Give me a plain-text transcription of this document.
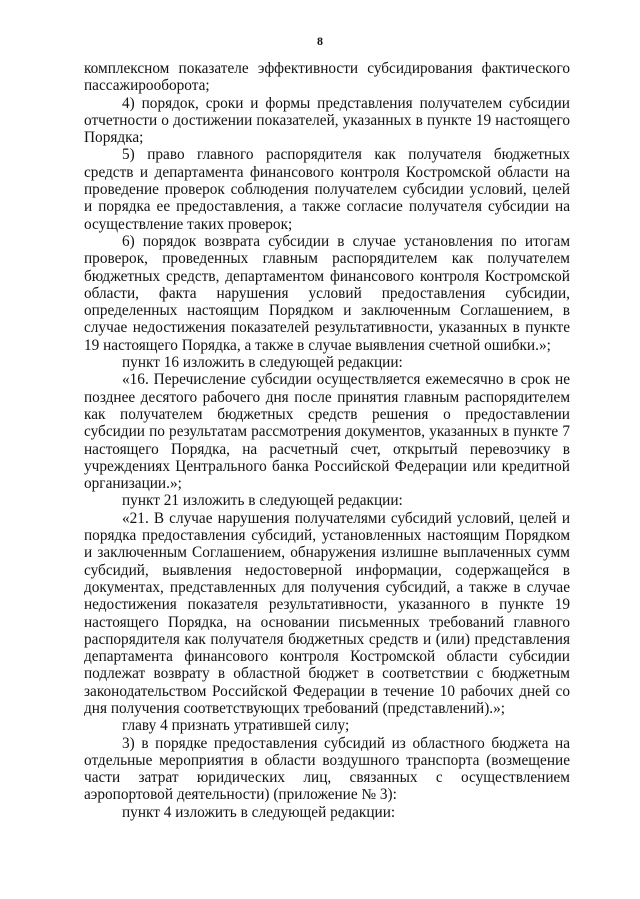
8

комплексном показателе эффективности субсидирования фактического пассажирооборота;

4) порядок, сроки и формы представления получателем субсидии отчетности о достижении показателей, указанных в пункте 19 настоящего Порядка;

5) право главного распорядителя как получателя бюджетных средств и департамента финансового контроля Костромской области на проведение проверок соблюдения получателем субсидии условий, целей и порядка ее предоставления, а также согласие получателя субсидии на осуществление таких проверок;

6) порядок возврата субсидии в случае установления по итогам проверок, проведенных главным распорядителем как получателем бюджетных средств, департаментом финансового контроля Костромской области, факта нарушения условий предоставления субсидии, определенных настоящим Порядком и заключенным Соглашением, в случае недостижения показателей результативности, указанных в пункте 19 настоящего Порядка, а также в случае выявления счетной ошибки.»;

пункт 16 изложить в следующей редакции:

«16. Перечисление субсидии осуществляется ежемесячно в срок не позднее десятого рабочего дня после принятия главным распорядителем как получателем бюджетных средств решения о предоставлении субсидии по результатам рассмотрения документов, указанных в пункте 7 настоящего Порядка, на расчетный счет, открытый перевозчику в учреждениях Центрального банка Российской Федерации или кредитной организации.»;

пункт 21 изложить в следующей редакции:

«21. В случае нарушения получателями субсидий условий, целей и порядка предоставления субсидий, установленных настоящим Порядком и заключенным Соглашением, обнаружения излишне выплаченных сумм субсидий, выявления недостоверной информации, содержащейся в документах, представленных для получения субсидий, а также в случае недостижения показателя результативности, указанного в пункте 19 настоящего Порядка, на основании письменных требований главного распорядителя как получателя бюджетных средств и (или) представления департамента финансового контроля Костромской области субсидии подлежат возврату в областной бюджет в соответствии с бюджетным законодательством Российской Федерации в течение 10 рабочих дней со дня получения соответствующих требований (представлений).»;

главу 4 признать утратившей силу;

3) в порядке предоставления субсидий из областного бюджета на отдельные мероприятия в области воздушного транспорта (возмещение части затрат юридических лиц, связанных с осуществлением аэропортовой деятельности) (приложение № 3):

пункт 4 изложить в следующей редакции:
